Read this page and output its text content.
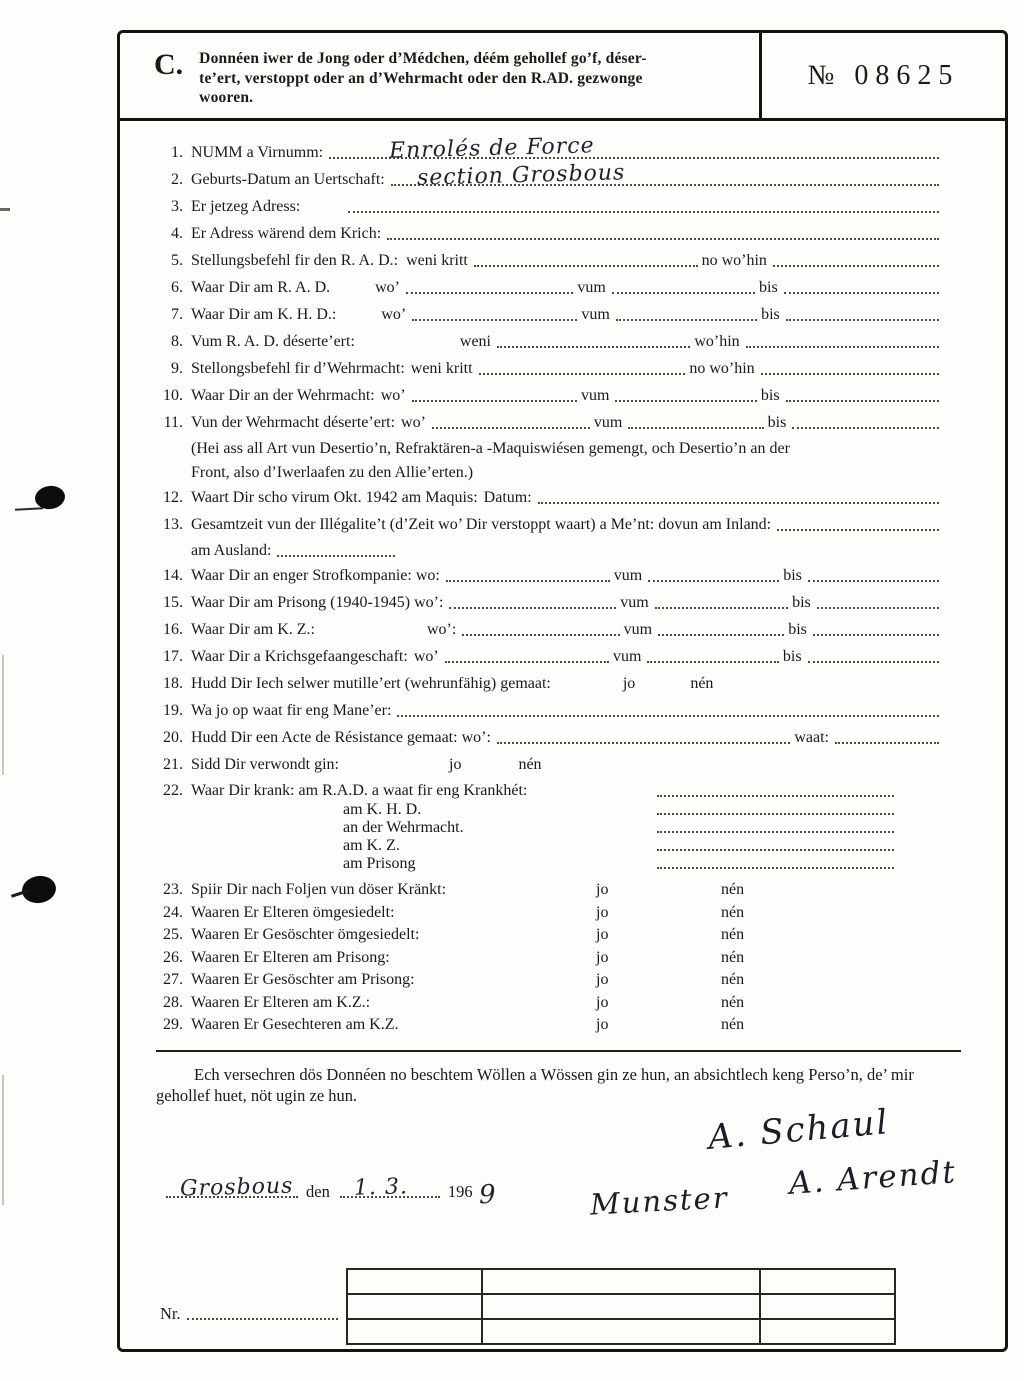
C. Donnéen iwer de Jong oder d’Médchen, déém gehollef go’f, déser-
te’ert, verstoppt oder an d’Wehrmacht oder den R.AD. gezwonge
wooren.
№ 08625
1. NUMM a Virnumm:	Enrolés de Force
2. Geburts-Datum an Uertschaft: section Grosbous
3. Er jetzeg Adress:
4. Er Adress wärend dem Krich:
5. Stellungsbefehl fir den R. A. D.: weni kritt	no wo’hin
6. Waar Dir am R. A. D.	wo’	vum	bis
7. Waar Dir am K. H. D.:	wo’	vum	bis
8. Vum R. A. D. déserte’ert:	weni	wo’hin
9. Stellongsbefehl fir d’Wehrmacht: weni kritt	no wo’hin
10. Waar Dir an der Wehrmacht: wo’	vum	bis
11. Vun der Wehrmacht déserte’ert: wo’	vum	bis
(Hei ass all Art vun Desertio’n, Refraktären-a -Maquiswiésen gemengt, och Desertio’n an der
Front, also d’Iwerlaafen zu den Allie’erten.)
12. Waart Dir scho virum Okt. 1942 am Maquis: Datum:
13. Gesamtzeit vun der Illégalite’t (d’Zeit wo’ Dir verstoppt waart) a Me’nt: dovun am Inland:
am Ausland:
14. Waar Dir an enger Strofkompanie: wo:	vum	bis
15. Waar Dir am Prisong (1940-1945) wo’:	vum	bis
16. Waar Dir am K. Z.:	wo’:	vum	bis
17. Waar Dir a Krichsgefaangeschaft: wo’	vum	bis
18. Hudd Dir Iech selwer mutille’ert (wehrunfähig) gemaat:	jo	nén
19. Wa jo op waat fir eng Mane’er:
20. Hudd Dir een Acte de Résistance gemaat: wo’:	waat:
21. Sidd Dir verwondt gin:	jo	nén
22. Waar Dir krank: am R.A.D. a waat fir eng Krankhét:
am K. H. D.
an der Wehrmacht.
am K. Z.
am Prisong
23. Spiir Dir nach Foljen vun döser Kränkt:	jo	nén
24. Waaren Er Elteren ömgesiedelt:	jo	nén
25. Waaren Er Gesöschter ömgesiedelt:	jo	nén
26. Waaren Er Elteren am Prisong:	jo	nén
27. Waaren Er Gesöschter am Prisong:	jo	nén
28. Waaren Er Elteren am K.Z.:	jo	nén
29. Waaren Er Gesechteren am K.Z.	jo	nén

Ech versechren dös Donnéen no beschtem Wöllen a Wössen gin ze hun, an absichtlech keng Perso’n, de’ mir gehollef huet, nöt ugin ze hun.

Grosbous den 1. 3. 196 9
A. Schaul
Munster A. Arendt
Nr.
